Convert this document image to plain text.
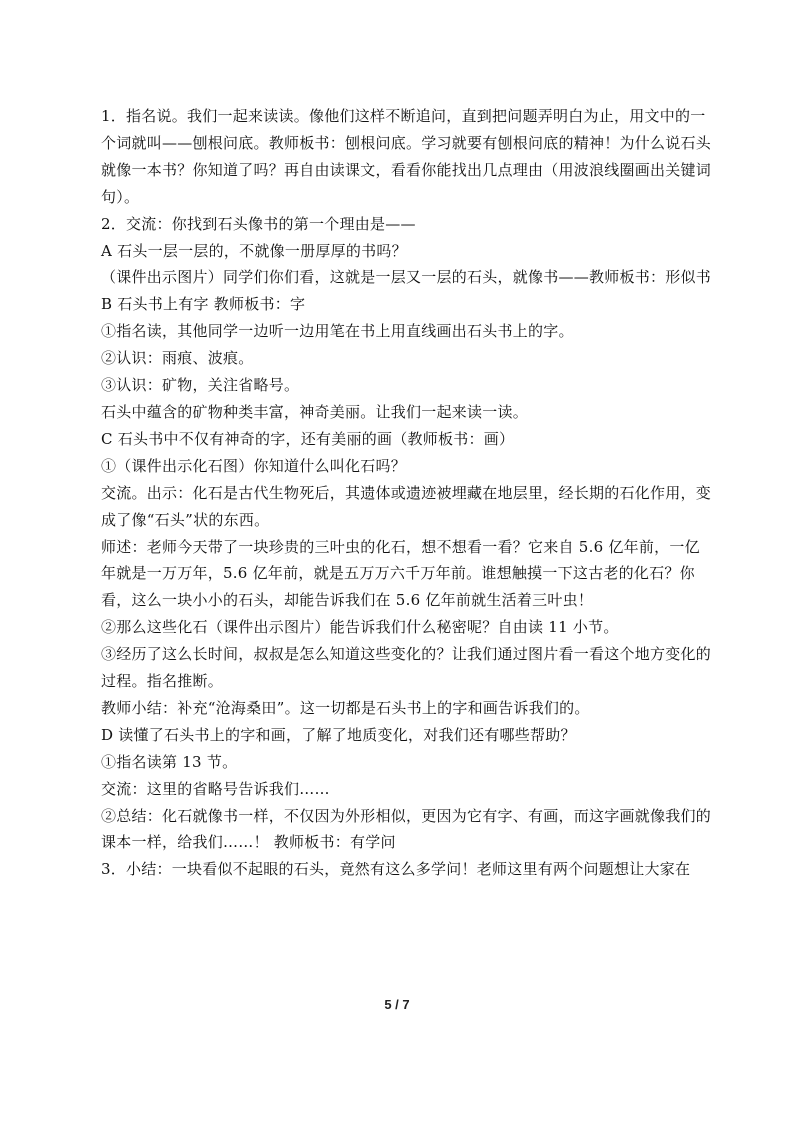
1．指名说。我们一起来读读。像他们这样不断追问，直到把问题弄明白为止，用文中的一个词就叫——刨根问底。教师板书：刨根问底。学习就要有刨根问底的精神！为什么说石头就像一本书？你知道了吗？再自由读课文，看看你能找出几点理由（用波浪线圈画出关键词句）。

2．交流：你找到石头像书的第一个理由是——

A 石头一层一层的，不就像一册厚厚的书吗？

（课件出示图片）同学们你们看，这就是一层又一层的石头，就像书——教师板书：形似书

B 石头书上有字 教师板书：字

①指名读，其他同学一边听一边用笔在书上用直线画出石头书上的字。

②认识：雨痕、波痕。

③认识：矿物，关注省略号。

石头中蕴含的矿物种类丰富，神奇美丽。让我们一起来读一读。

C 石头书中不仅有神奇的字，还有美丽的画（教师板书：画）

①（课件出示化石图）你知道什么叫化石吗？

交流。出示：化石是古代生物死后，其遗体或遗迹被埋藏在地层里，经长期的石化作用，变成了像“石头”状的东西。

师述：老师今天带了一块珍贵的三叶虫的化石，想不想看一看？它来自 5.6 亿年前，一亿年就是一万万年，5.6 亿年前，就是五万万六千万年前。谁想触摸一下这古老的化石？你看，这么一块小小的石头，却能告诉我们在 5.6 亿年前就生活着三叶虫！

②那么这些化石（课件出示图片）能告诉我们什么秘密呢？自由读 11 小节。

③经历了这么长时间，叔叔是怎么知道这些变化的？让我们通过图片看一看这个地方变化的过程。指名推断。

教师小结：补充“沧海桑田”。这一切都是石头书上的字和画告诉我们的。

D 读懂了石头书上的字和画，了解了地质变化，对我们还有哪些帮助？

①指名读第 13 节。

交流：这里的省略号告诉我们……

②总结：化石就像书一样，不仅因为外形相似，更因为它有字、有画，而这字画就像我们的课本一样，给我们……！ 教师板书：有学问

3．小结：一块看似不起眼的石头，竟然有这么多学问！老师这里有两个问题想让大家在

5 / 7
